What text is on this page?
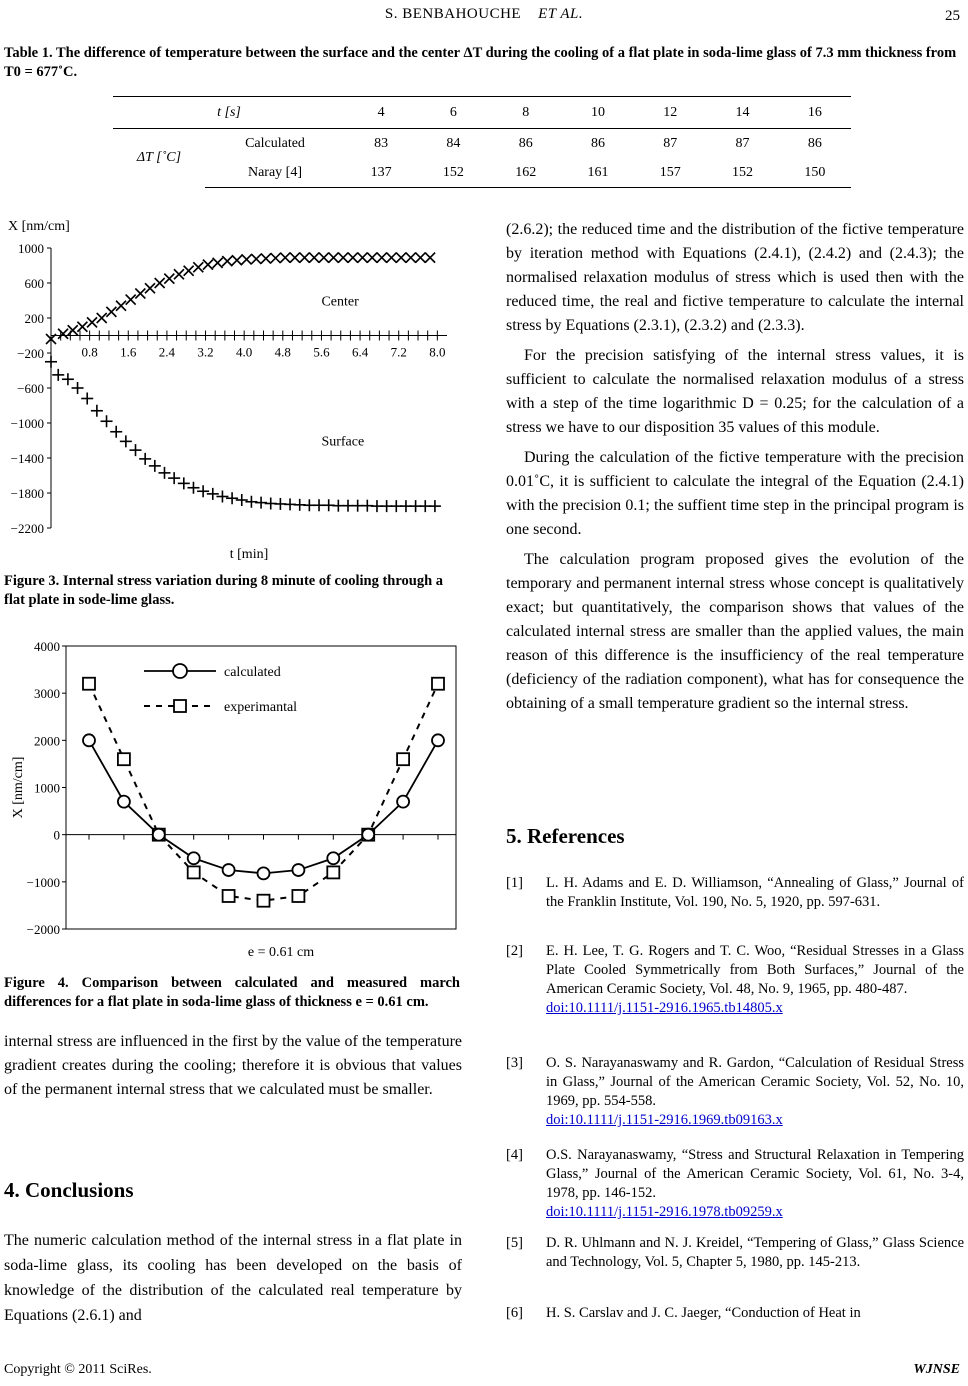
S. BENBAHOUCHE ET AL.	25
Table 1. The difference of temperature between the surface and the center ΔT during the cooling of a flat plate in soda-lime glass of 7.3 mm thickness from T0 = 677˚C.
t [s]		4	6	8	10	12	14	16
ΔT [˚C]	Calculated	83	84	86	86	87	87	86
	Naray [4]	137	152	162	161	157	152	150
X [nm/cm]
t [min]
1000
600
200
−200
−600
−1000
−1400
−1800
−2200
0.8 1.6 2.4 3.2 4.0 4.8 5.6 6.4 7.2 8.0
Center
Surface
Figure 3. Internal stress variation during 8 minute of cooling through a flat plate in sode-lime glass.
4000
3000
2000
1000
0
−1000
−2000
X [nm/cm]
e = 0.61 cm
calculated
experimantal
Figure 4. Comparison between calculated and measured march differences for a flat plate in soda-lime glass of thickness e = 0.61 cm.

internal stress are influenced in the first by the value of the temperature gradient creates during the cooling; therefore it is obvious that values of the permanent internal stress that we calculated must be smaller.

4. Conclusions

The numeric calculation method of the internal stress in a flat plate in soda-lime glass, its cooling has been developed on the basis of knowledge of the distribution of the calculated real temperature by Equations (2.6.1) and

(2.6.2); the reduced time and the distribution of the fictive temperature by iteration method with Equations (2.4.1), (2.4.2) and (2.4.3); the normalised relaxation modulus of stress which is used then with the reduced time, the real and fictive temperature to calculate the internal stress by Equations (2.3.1), (2.3.2) and (2.3.3).

For the precision satisfying of the internal stress values, it is sufficient to calculate the normalised relaxation modulus of a stress with a step of the time logarithmic D = 0.25; for the calculation of a stress we have to our disposition 35 values of this module.

During the calculation of the fictive temperature with the precision 0.01˚C, it is sufficient to calculate the integral of the Equation (2.4.1) with the precision 0.1; the suffient time step in the principal program is one second.

The calculation program proposed gives the evolution of the temporary and permanent internal stress whose concept is qualitatively exact; but quantitatively, the comparison shows that values of the calculated internal stress are smaller than the applied values, the main reason of this difference is the insufficiency of the real temperature (deficiency of the radiation component), what has for consequence the obtaining of a small temperature gradient so the internal stress.

5. References
[1] L. H. Adams and E. D. Williamson, “Annealing of Glass,” Journal of the Franklin Institute, Vol. 190, No. 5, 1920, pp. 597-631.
[2] E. H. Lee, T. G. Rogers and T. C. Woo, “Residual Stresses in a Glass Plate Cooled Symmetrically from Both Surfaces,” Journal of the American Ceramic Society, Vol. 48, No. 9, 1965, pp. 480-487.
doi:10.1111/j.1151-2916.1965.tb14805.x
[3] O. S. Narayanaswamy and R. Gardon, “Calculation of Residual Stress in Glass,” Journal of the American Ceramic Society, Vol. 52, No. 10, 1969, pp. 554-558.
doi:10.1111/j.1151-2916.1969.tb09163.x
[4] O.S. Narayanaswamy, “Stress and Structural Relaxation in Tempering Glass,” Journal of the American Ceramic Society, Vol. 61, No. 3-4, 1978, pp. 146-152.
doi:10.1111/j.1151-2916.1978.tb09259.x
[5] D. R. Uhlmann and N. J. Kreidel, “Tempering of Glass,” Glass Science and Technology, Vol. 5, Chapter 5, 1980, pp. 145-213.
[6] H. S. Carslav and J. C. Jaeger, “Conduction of Heat in
Copyright © 2011 SciRes.	WJNSE
